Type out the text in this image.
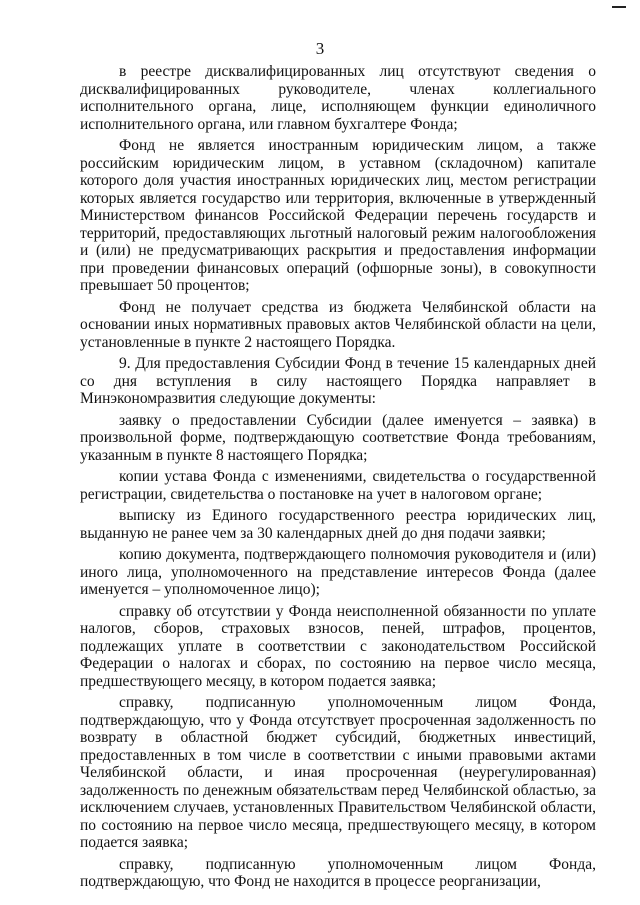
3

в реестре дисквалифицированных лиц отсутствуют сведения о дисквалифицированных руководителе, членах коллегиального исполнительного органа, лице, исполняющем функции единоличного исполнительного органа, или главном бухгалтере Фонда;

Фонд не является иностранным юридическим лицом, а также российским юридическим лицом, в уставном (складочном) капитале которого доля участия иностранных юридических лиц, местом регистрации которых является государство или территория, включенные в утвержденный Министерством финансов Российской Федерации перечень государств и территорий, предоставляющих льготный налоговый режим налогообложения и (или) не предусматривающих раскрытия и предоставления информации при проведении финансовых операций (офшорные зоны), в совокупности превышает 50 процентов;

Фонд не получает средства из бюджета Челябинской области на основании иных нормативных правовых актов Челябинской области на цели, установленные в пункте 2 настоящего Порядка.

9. Для предоставления Субсидии Фонд в течение 15 календарных дней со дня вступления в силу настоящего Порядка направляет в Минэкономразвития следующие документы:

заявку о предоставлении Субсидии (далее именуется – заявка) в произвольной форме, подтверждающую соответствие Фонда требованиям, указанным в пункте 8 настоящего Порядка;

копии устава Фонда с изменениями, свидетельства о государственной регистрации, свидетельства о постановке на учет в налоговом органе;

выписку из Единого государственного реестра юридических лиц, выданную не ранее чем за 30 календарных дней до дня подачи заявки;

копию документа, подтверждающего полномочия руководителя и (или) иного лица, уполномоченного на представление интересов Фонда (далее именуется – уполномоченное лицо);

справку об отсутствии у Фонда неисполненной обязанности по уплате налогов, сборов, страховых взносов, пеней, штрафов, процентов, подлежащих уплате в соответствии с законодательством Российской Федерации о налогах и сборах, по состоянию на первое число месяца, предшествующего месяцу, в котором подается заявка;

справку, подписанную уполномоченным лицом Фонда, подтверждающую, что у Фонда отсутствует просроченная задолженность по возврату в областной бюджет субсидий, бюджетных инвестиций, предоставленных в том числе в соответствии с иными правовыми актами Челябинской области, и иная просроченная (неурегулированная) задолженность по денежным обязательствам перед Челябинской областью, за исключением случаев, установленных Правительством Челябинской области, по состоянию на первое число месяца, предшествующего месяцу, в котором подается заявка;

справку, подписанную уполномоченным лицом Фонда, подтверждающую, что Фонд не находится в процессе реорганизации,
